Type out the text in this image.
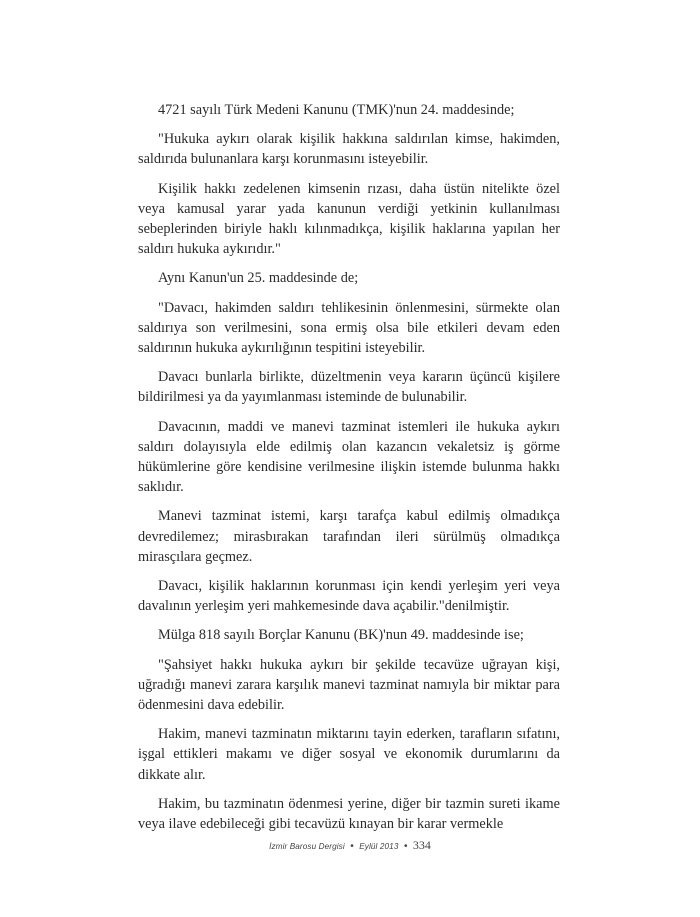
4721 sayılı Türk Medeni Kanunu (TMK)'nun 24. maddesinde;

"Hukuka aykırı olarak kişilik hakkına saldırılan kimse, hakimden, saldırıda bulunanlara karşı korunmasını isteyebilir.

Kişilik hakkı zedelenen kimsenin rızası, daha üstün nitelikte özel veya kamusal yarar yada kanunun verdiği yetkinin kullanılması sebeplerinden biriyle haklı kılınmadıkça, kişilik haklarına yapılan her saldırı hukuka aykırıdır."

Aynı Kanun'un 25. maddesinde de;

"Davacı, hakimden saldırı tehlikesinin önlenmesini, sürmekte olan saldırıya son verilmesini, sona ermiş olsa bile etkileri devam eden saldırının hukuka aykırılığının tespitini isteyebilir.

Davacı bunlarla birlikte, düzeltmenin veya kararın üçüncü kişilere bildirilmesi ya da yayımlanması isteminde de bulunabilir.

Davacının, maddi ve manevi tazminat istemleri ile hukuka aykırı saldırı dolayısıyla elde edilmiş olan kazancın vekaletsiz iş görme hükümlerine göre kendisine verilmesine ilişkin istemde bulunma hakkı saklıdır.

Manevi tazminat istemi, karşı tarafça kabul edilmiş olmadıkça devredilemez; mirasbırakan tarafından ileri sürülmüş olmadıkça mirasçılara geçmez.

Davacı, kişilik haklarının korunması için kendi yerleşim yeri veya davalının yerleşim yeri mahkemesinde dava açabilir."denilmiştir.

Mülga 818 sayılı Borçlar Kanunu (BK)'nun 49. maddesinde ise;

"Şahsiyet hakkı hukuka aykırı bir şekilde tecavüze uğrayan kişi, uğradığı manevi zarara karşılık manevi tazminat namıyla bir miktar para ödenmesini dava edebilir.

Hakim, manevi tazminatın miktarını tayin ederken, tarafların sıfatını, işgal ettikleri makamı ve diğer sosyal ve ekonomik durumlarını da dikkate alır.

Hakim, bu tazminatın ödenmesi yerine, diğer bir tazmin sureti ikame veya ilave edebileceği gibi tecavüzü kınayan bir karar vermekle

İzmir Barosu Dergisi • Eylül 2013 • 334
